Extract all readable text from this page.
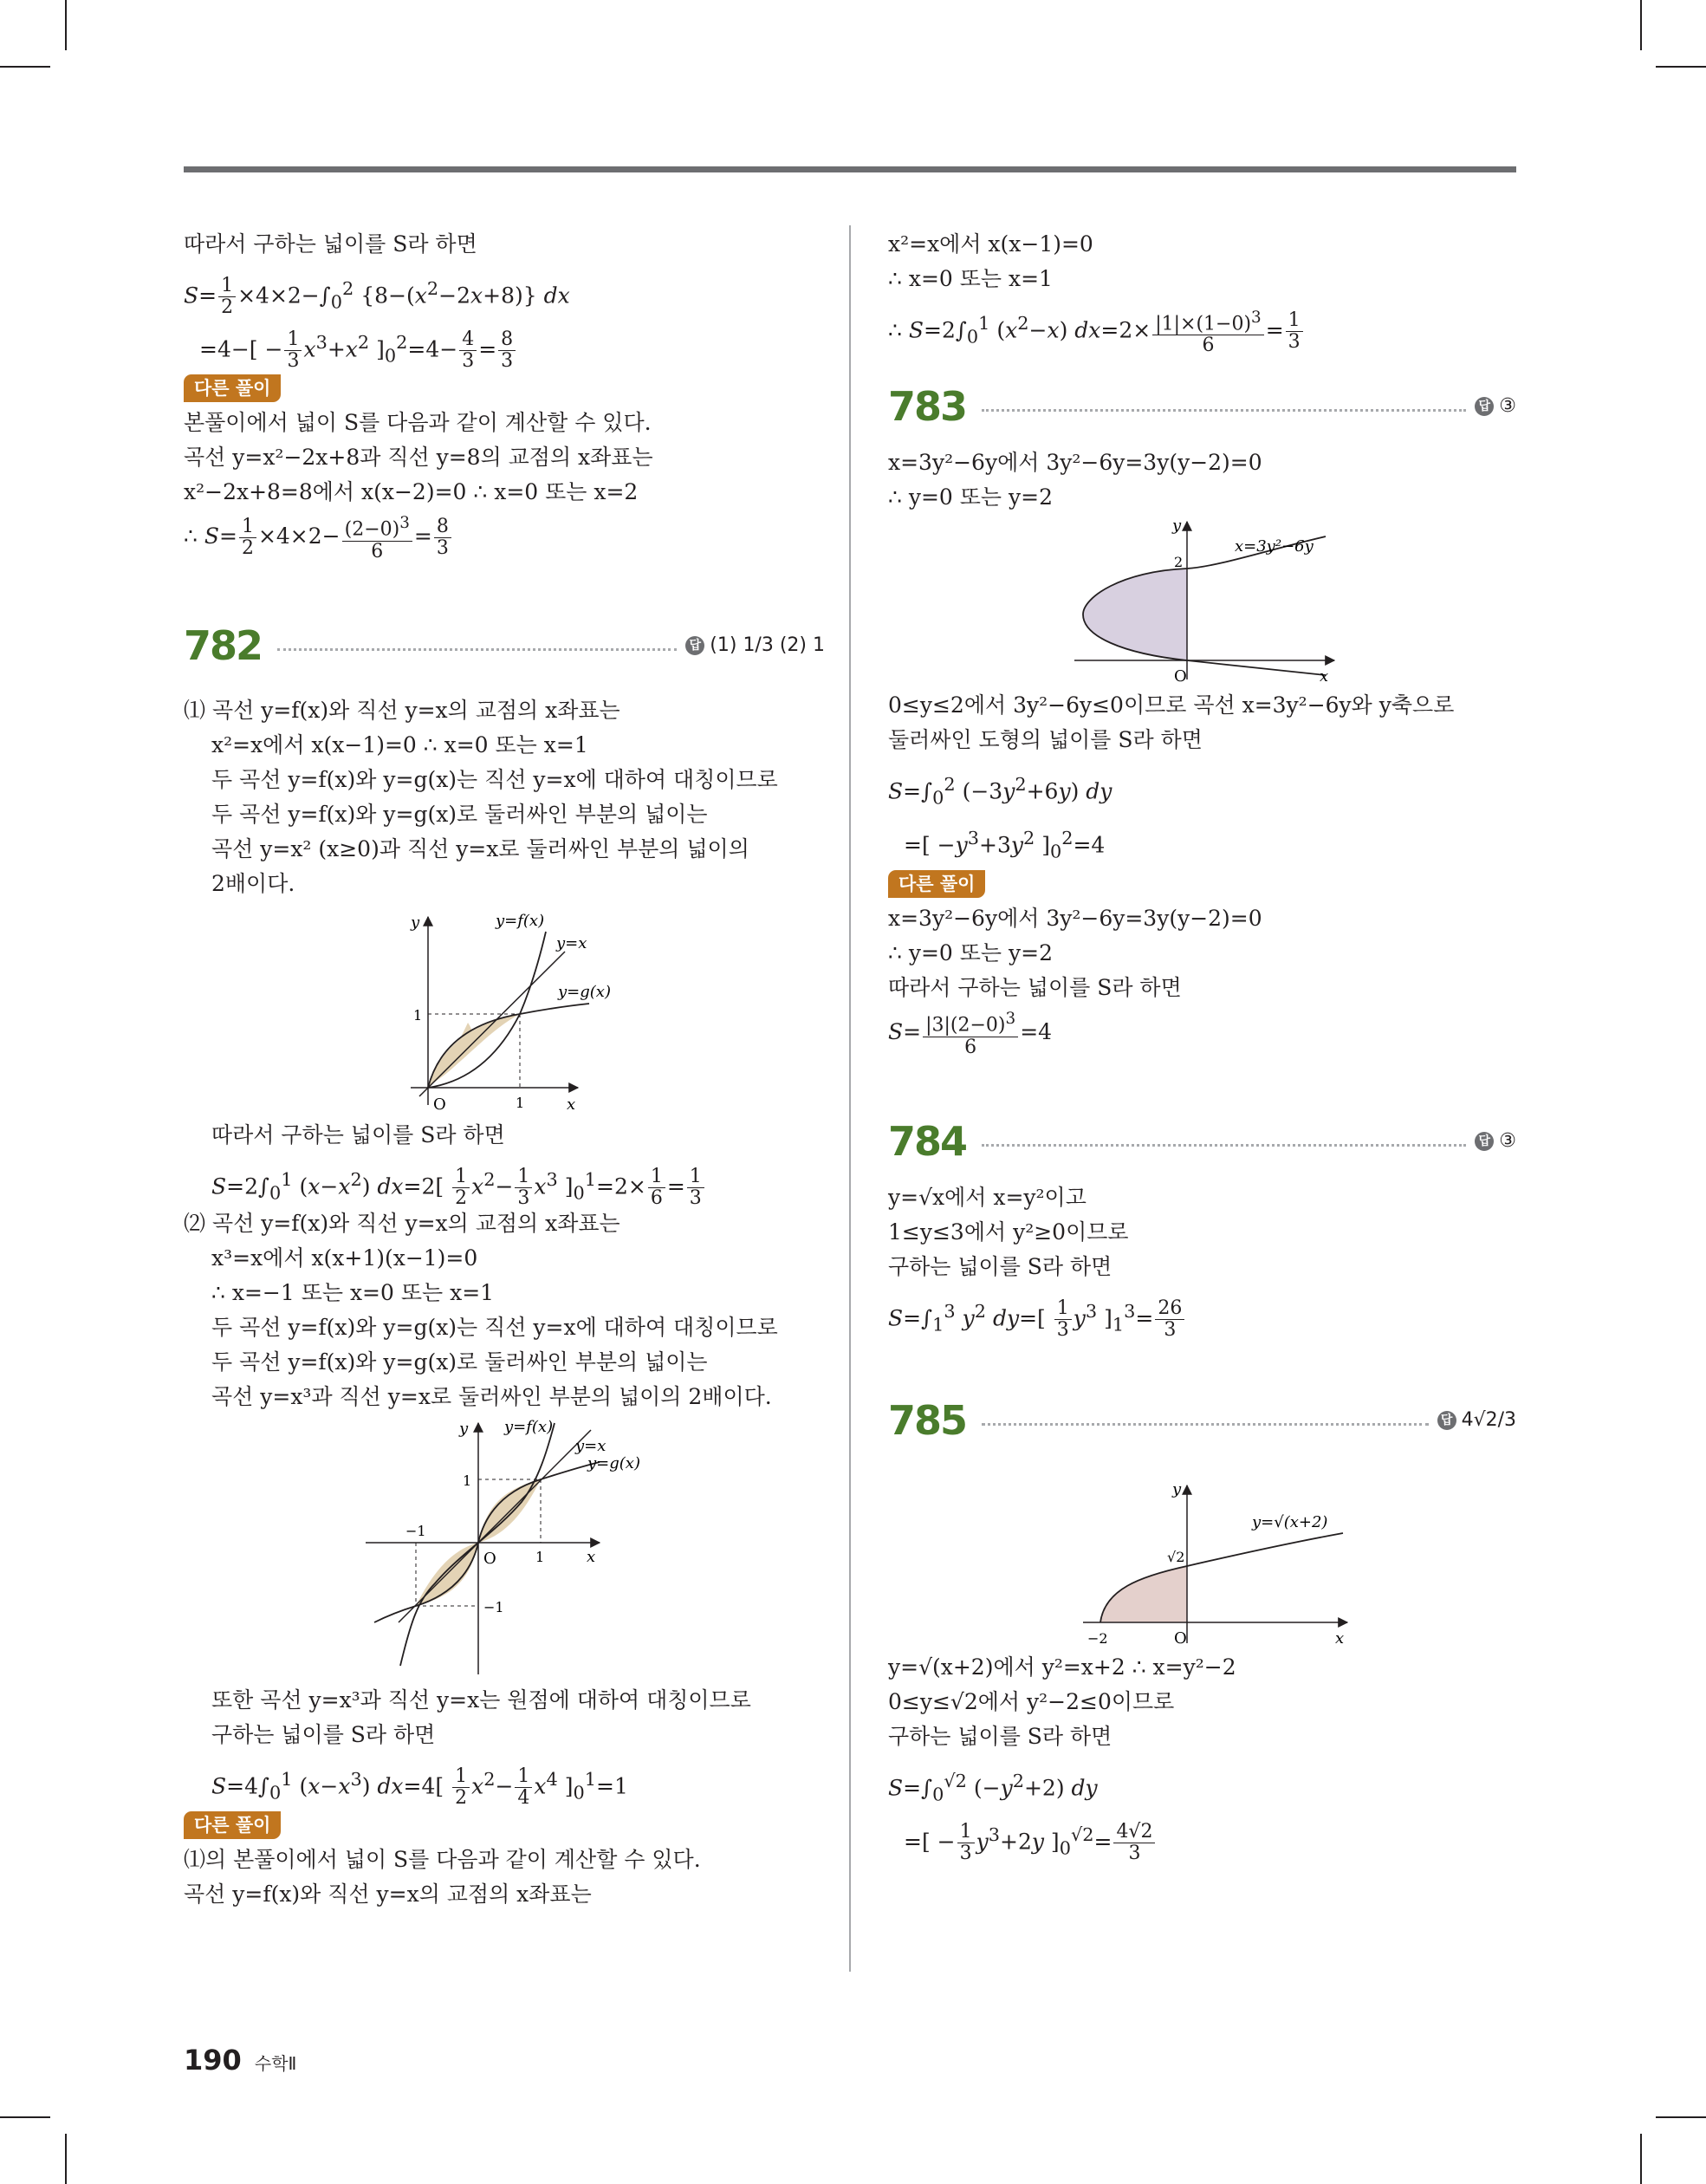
따라서 구하는 넓이를 S라 하면
$S= \frac{1}{2} \times 4\times 2-\int_0^2$ $\{8-(x^2-2x+8)\}$ dx
$=4-[ - \frac{1}{3} x^3+x^2$ ]$_0^2=4- \frac{4}{3} = \frac{8}{3}$
다른 풀이
본풀이에서 넓이 S를 다음과 같이 계산할 수 있다.
곡선 y=x²−2x+8과 직선 y=8의 교점의 x좌표는
x²−2x+8=8에서 x(x−2)=0 ∴ x=0 또는 x=2
∴ $S= \frac{1}{2} \times 4\times 2- \frac{(2-0)^3}{6} = \frac{8}{3}$
782	답 (1) 1/3 (2) 1
⑴ 곡선 y=f(x)와 직선 y=x의 교점의 x좌표는
x²=x에서 x(x−1)=0 ∴ x=0 또는 x=1
두 곡선 y=f(x)와 y=g(x)는 직선 y=x에 대하여 대칭이므로
두 곡선 y=f(x)와 y=g(x)로 둘러싸인 부분의 넓이는
곡선 y=x² (x≥0)과 직선 y=x로 둘러싸인 부분의 넓이의
2배이다.
y
x
O	1
1
y=f(x)
y=x
y=g(x)
따라서 구하는 넓이를 S라 하면
$S=2\int_0^1$ $(x-x^2)$ $dx=2[ \frac{1}{2} x^2- \frac{1}{3} x^3$ ]$_0^1=2\times \frac{1}{6} = \frac{1}{3}$
⑵ 곡선 y=f(x)와 직선 y=x의 교점의 x좌표는
x³=x에서 x(x+1)(x−1)=0
∴ x=−1 또는 x=0 또는 x=1
두 곡선 y=f(x)와 y=g(x)는 직선 y=x에 대하여 대칭이므로
두 곡선 y=f(x)와 y=g(x)로 둘러싸인 부분의 넓이는
곡선 y=x³과 직선 y=x로 둘러싸인 부분의 넓이의 2배이다.
y
x
O	1
1
−1
−1
y=f(x)
y=x
y=g(x)
또한 곡선 y=x³과 직선 y=x는 원점에 대하여 대칭이므로
구하는 넓이를 S라 하면
$S=4\int_0^1$ $(x-x^3)$ $dx=4[ \frac{1}{2} x^2- \frac{1}{4} x^4$ ]$_0^1=1$
다른 풀이
⑴의 본풀이에서 넓이 S를 다음과 같이 계산할 수 있다.
곡선 y=f(x)와 직선 y=x의 교점의 x좌표는
x²=x에서 x(x−1)=0
∴ x=0 또는 x=1
∴ $S=2\int_0^1$ $(x^2-x)$ $dx=2\times \frac{|1|\times(1-0)^3}{6} = \frac{1}{3}$
783	답 ③
x=3y²−6y에서 3y²−6y=3y(y−2)=0
∴ y=0 또는 y=2
y
x
O
2
x=3y²−6y
0≤y≤2에서 3y²−6y≤0이므로 곡선 x=3y²−6y와 y축으로
둘러싸인 도형의 넓이를 S라 하면
$S=\int_0^2$ $(-3y^2+6y)$ dy
=[ $-y^3+3y^2$ ]$_0^2=4$
다른 풀이
x=3y²−6y에서 3y²−6y=3y(y−2)=0
∴ y=0 또는 y=2
따라서 구하는 넓이를 S라 하면
$S= \frac{|3|(2-0)^3}{6} =4$
784	답 ③
y=√x에서 x=y²이고
1≤y≤3에서 y²≥0이므로
구하는 넓이를 S라 하면
$S=\int_1^3$ $y^2$ $dy=[ \frac{1}{3} y^3$ ]$_1^3= \frac{26}{3}$
785	답 4√2/3
y
x
O
−2
√2
y=√(x+2)
y=√(x+2)에서 y²=x+2 ∴ x=y²−2
0≤y≤√2에서 y²−2≤0이므로
구하는 넓이를 S라 하면
$S=\int_0^{√2}$ $(-y^2+2)$ dy
=[ − $\frac{1}{3} y^3+2y$ ]$_0^{√2}= \frac{4√2}{3}$
190 수학Ⅱ
